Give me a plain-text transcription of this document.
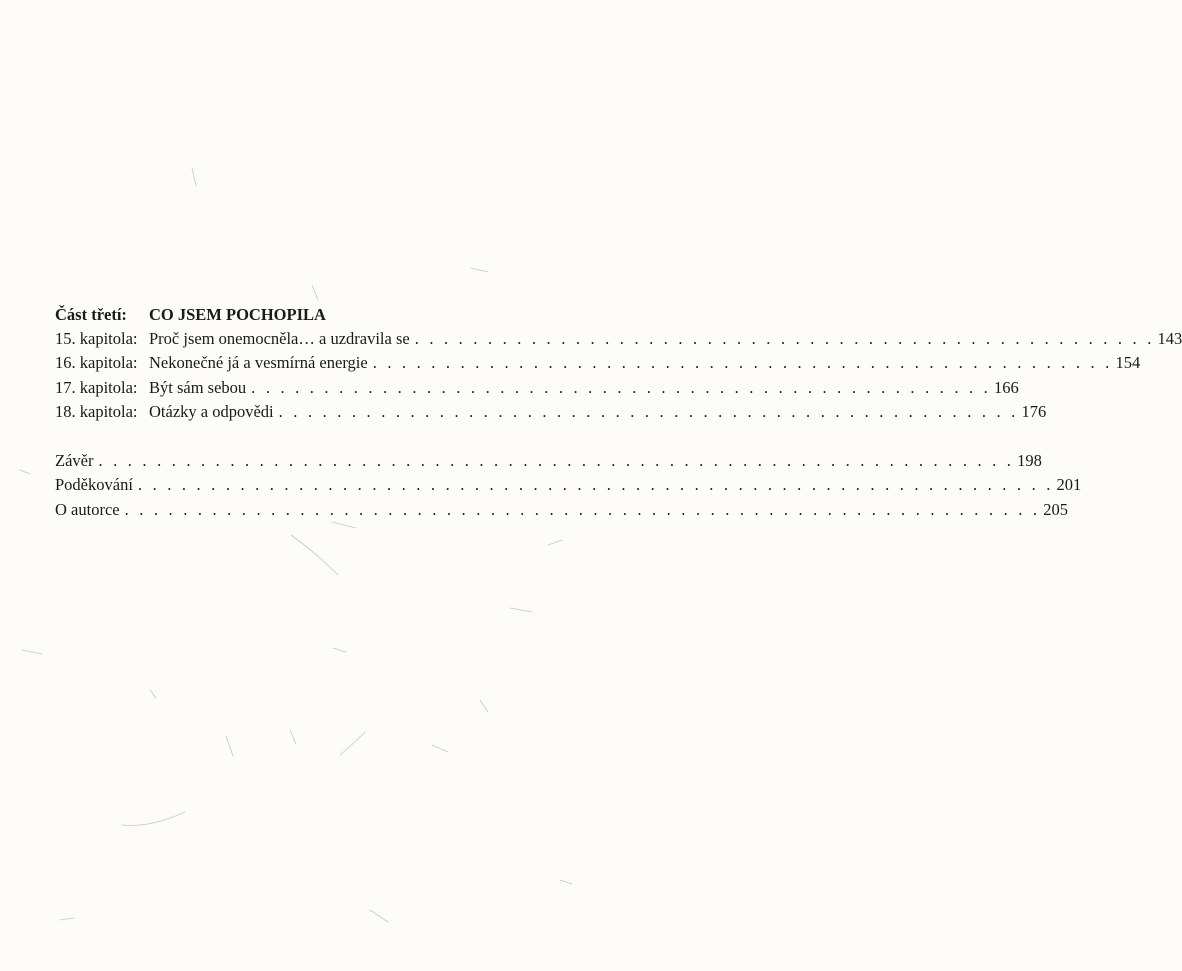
Část třetí:	CO JSEM POCHOPILA
15. kapitola: Proč jsem onemocněla… a uzdravila se . . . . . . . . . . . . . . . . . . . . . . . . . . . . . . . . . . . . . . . . . . . . . . . . . . . 143
16. kapitola: Nekonečné já a vesmírná energie . . . . . . . . . . . . . . . . . . . . . . . . . . . . . . . . . . . . . . . . . . . . . . . . . . . 154
17. kapitola: Být sám sebou . . . . . . . . . . . . . . . . . . . . . . . . . . . . . . . . . . . . . . . . . . . . . . . . . . . 166
18. kapitola: Otázky a odpovědi . . . . . . . . . . . . . . . . . . . . . . . . . . . . . . . . . . . . . . . . . . . . . . . . . . . 176
Závěr . . . . . . . . . . . . . . . . . . . . . . . . . . . . . . . . . . . . . . . . . . . . . . . . . . . . . . . . . . . . . . . 198
Poděkování . . . . . . . . . . . . . . . . . . . . . . . . . . . . . . . . . . . . . . . . . . . . . . . . . . . . . . . . . . . . . . . 201
O autorce . . . . . . . . . . . . . . . . . . . . . . . . . . . . . . . . . . . . . . . . . . . . . . . . . . . . . . . . . . . . . . . 205
